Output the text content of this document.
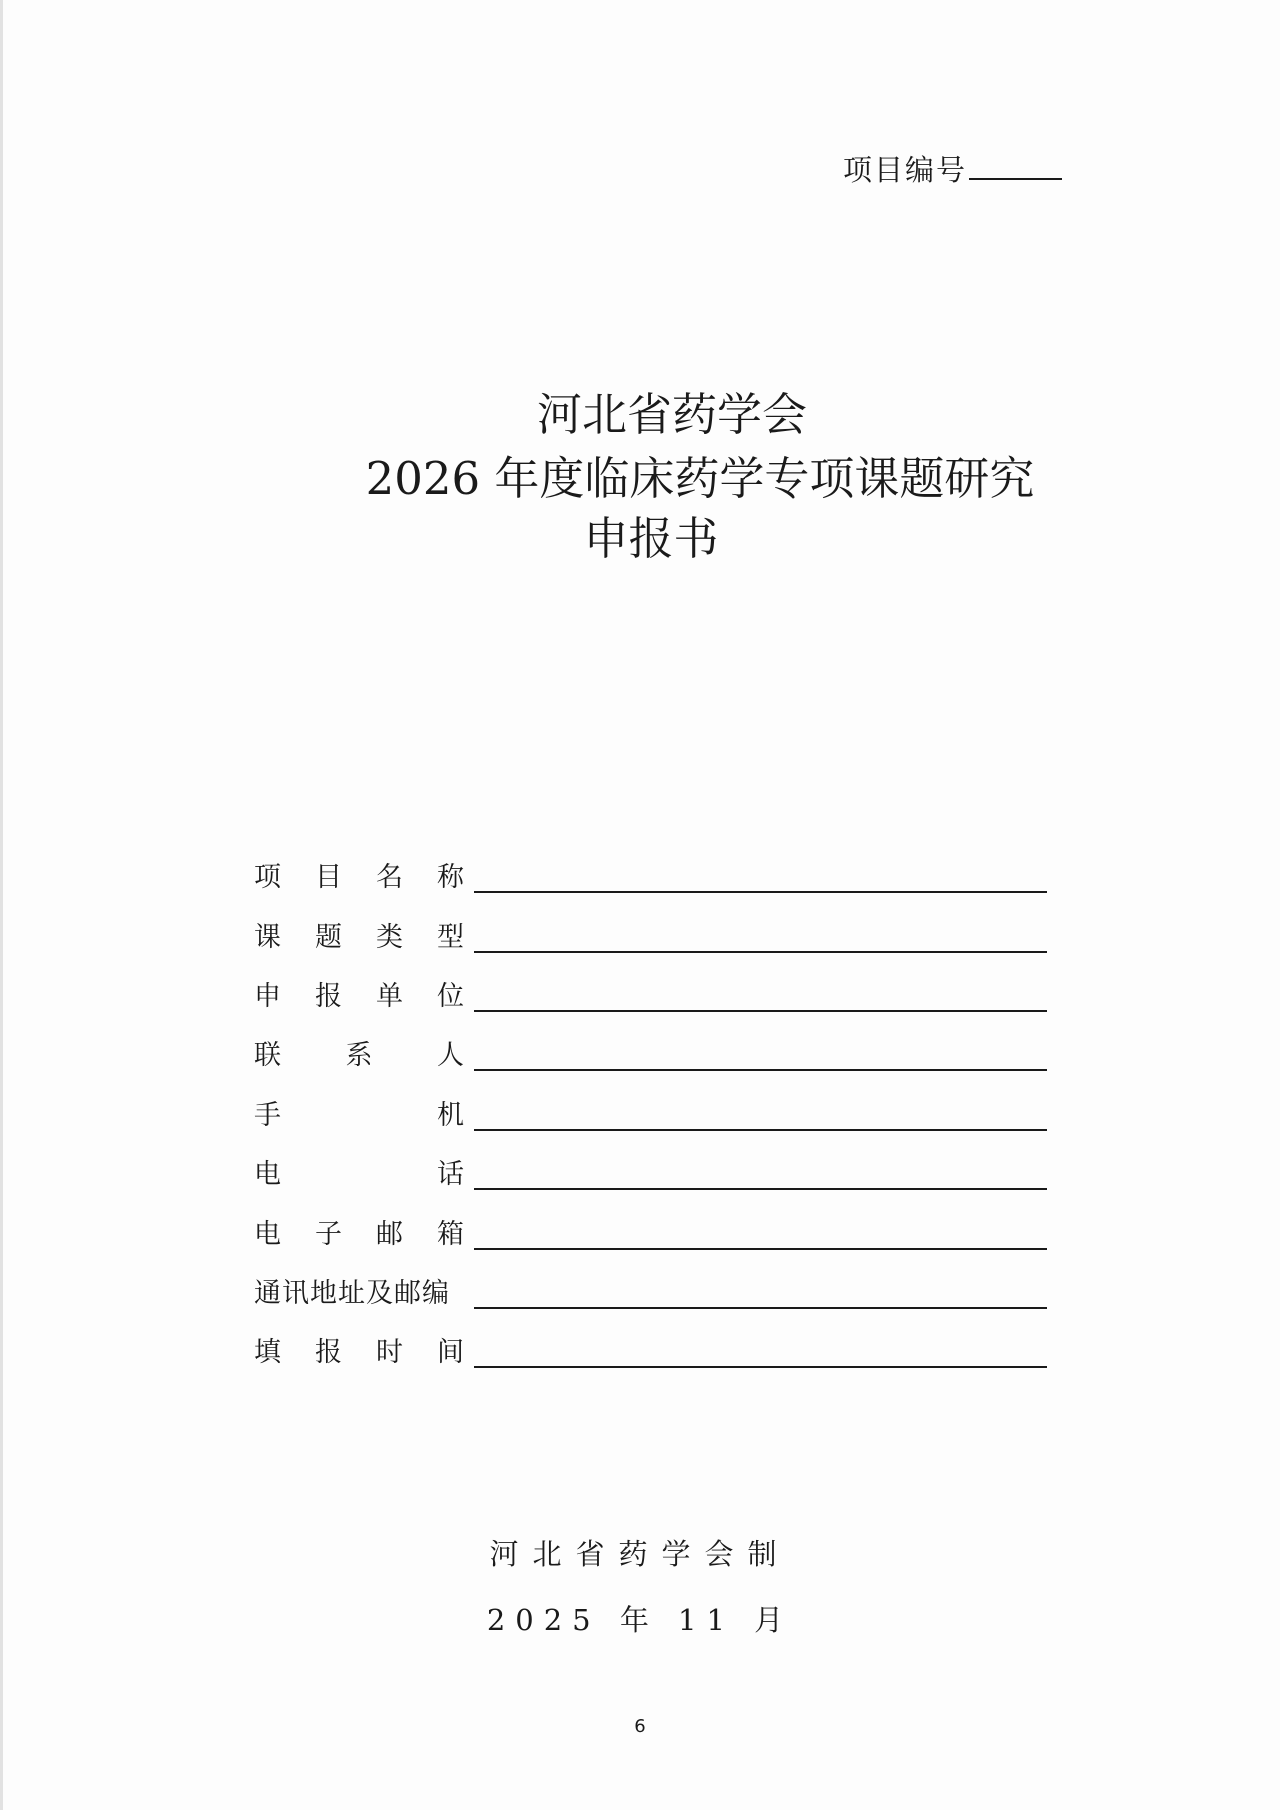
项目编号
河北省药学会
2026 年度临床药学专项课题研究
申报书
项 目 名 称
课 题 类 型
申 报 单 位
联 系 人
手	机
电	话
电 子 邮 箱
通讯地址及邮编
填 报 时 间
河北省药学会制
2025 年 11 月
6
